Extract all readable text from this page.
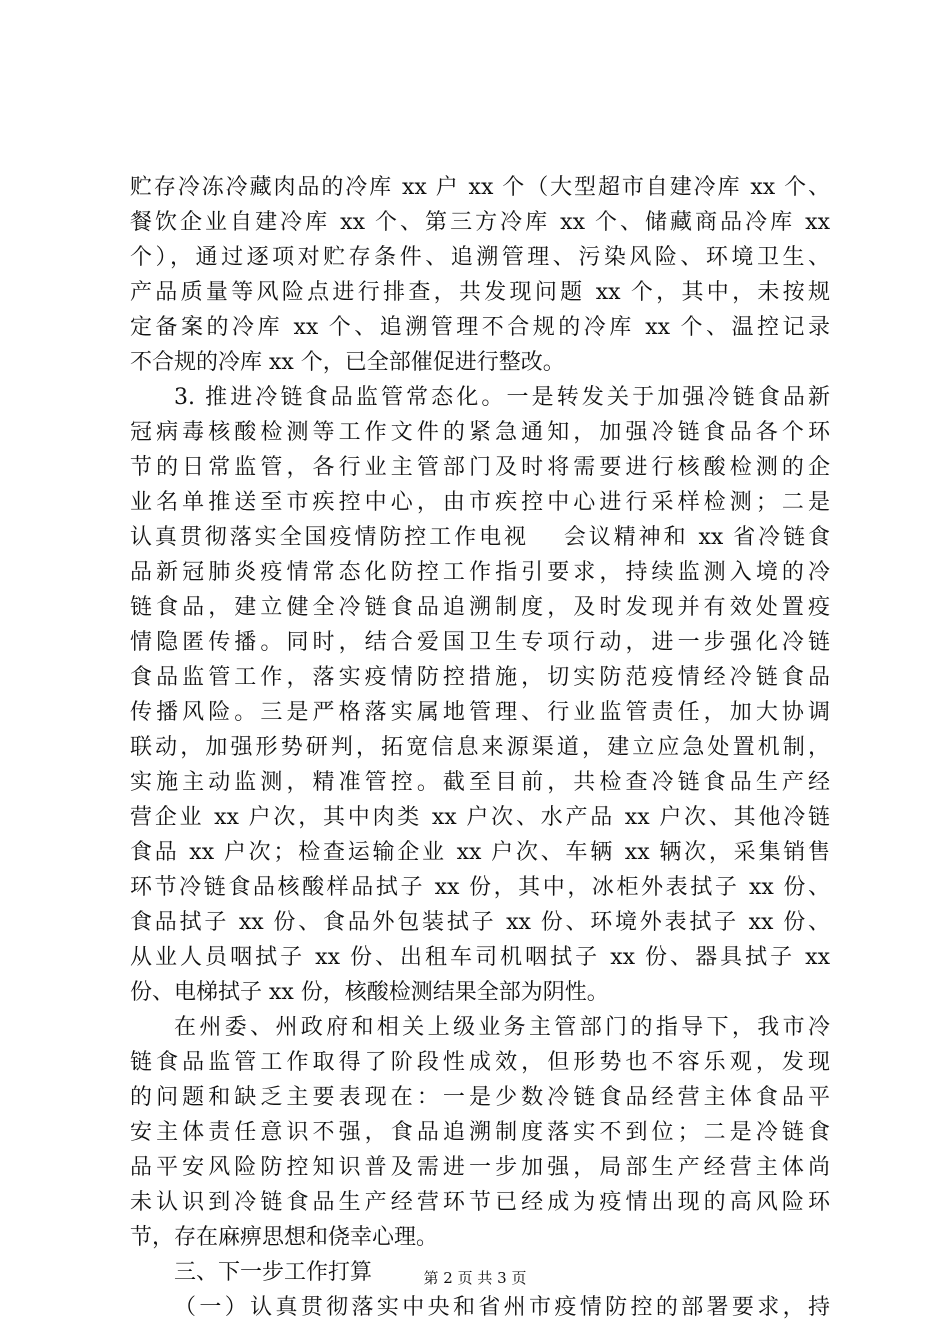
贮存冷冻冷藏肉品的冷库 xx 户 xx 个（大型超市自建冷库 xx 个、
餐饮企业自建冷库 xx 个、第三方冷库 xx 个、储藏商品冷库 xx
个），通过逐项对贮存条件、追溯管理、污染风险、环境卫生、
产品质量等风险点进行排查，共发现问题 xx 个，其中，未按规
定备案的冷库 xx 个、追溯管理不合规的冷库 xx 个、温控记录
不合规的冷库 xx 个，已全部催促进行整改。
3. 推进冷链食品监管常态化。一是转发关于加强冷链食品新
冠病毒核酸检测等工作文件的紧急通知，加强冷链食品各个环
节的日常监管，各行业主管部门及时将需要进行核酸检测的企
业名单推送至市疾控中心，由市疾控中心进行采样检测；二是
认真贯彻落实全国疫情防控工作电视　 会议精神和 xx 省冷链食
品新冠肺炎疫情常态化防控工作指引要求，持续监测入境的冷
链食品，建立健全冷链食品追溯制度，及时发现并有效处置疫
情隐匿传播。同时，结合爱国卫生专项行动，进一步强化冷链
食品监管工作，落实疫情防控措施，切实防范疫情经冷链食品
传播风险。三是严格落实属地管理、行业监管责任，加大协调
联动，加强形势研判，拓宽信息来源渠道，建立应急处置机制，
实施主动监测，精准管控。截至目前，共检查冷链食品生产经
营企业 xx 户次，其中肉类 xx 户次、水产品 xx 户次、其他冷链
食品 xx 户次；检查运输企业 xx 户次、车辆 xx 辆次，采集销售
环节冷链食品核酸样品拭子 xx 份，其中，冰柜外表拭子 xx 份、
食品拭子 xx 份、食品外包装拭子 xx 份、环境外表拭子 xx 份、
从业人员咽拭子 xx 份、出租车司机咽拭子 xx 份、器具拭子 xx
份、电梯拭子 xx 份，核酸检测结果全部为阴性。
在州委、州政府和相关上级业务主管部门的指导下，我市冷
链食品监管工作取得了阶段性成效，但形势也不容乐观，发现
的问题和缺乏主要表现在：一是少数冷链食品经营主体食品平
安主体责任意识不强，食品追溯制度落实不到位；二是冷链食
品平安风险防控知识普及需进一步加强，局部生产经营主体尚
未认识到冷链食品生产经营环节已经成为疫情出现的高风险环
节，存在麻痹思想和侥幸心理。
三、下一步工作打算
（一）认真贯彻落实中央和省州市疫情防控的部署要求，持
第 2 页 共 3 页
